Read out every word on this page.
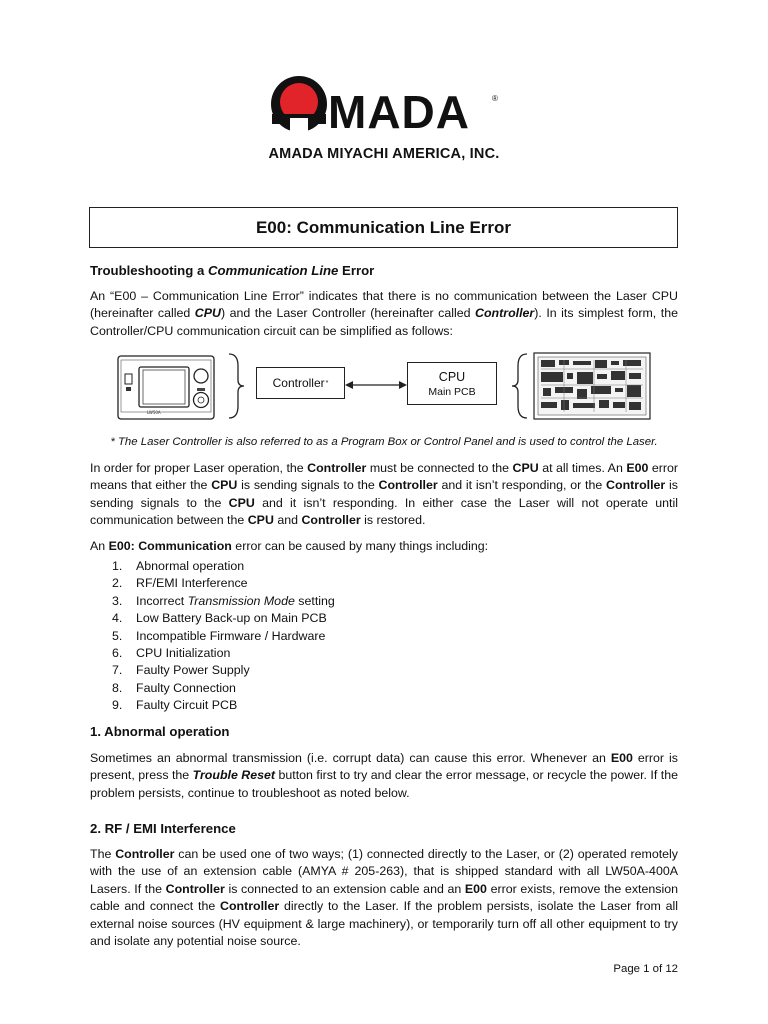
MADA	®
AMADA MIYACHI AMERICA, INC.
E00: Communication Line Error
Troubleshooting a Communication Line Error
An “E00 – Communication Line Error” indicates that there is no communication between the Laser CPU (hereinafter called CPU) and the Laser Controller (hereinafter called Controller). In its simplest form, the Controller/CPU communication circuit can be simplified as follows:
LW50A
Controller *	CPU
Main PCB
* The Laser Controller is also referred to as a Program Box or Control Panel and is used to control the Laser.
In order for proper Laser operation, the Controller must be connected to the CPU at all times. An E00 error means that either the CPU is sending signals to the Controller and it isn’t responding, or the Controller is sending signals to the CPU and it isn’t responding. In either case the Laser will not operate until communication between the CPU and Controller is restored.
An E00: Communication error can be caused by many things including:
1. Abnormal operation
2. RF/EMI Interference
3. Incorrect Transmission Mode setting
4. Low Battery Back-up on Main PCB
5. Incompatible Firmware / Hardware
6. CPU Initialization
7. Faulty Power Supply
8. Faulty Connection
9. Faulty Circuit PCB
1. Abnormal operation
Sometimes an abnormal transmission (i.e. corrupt data) can cause this error. Whenever an E00 error is present, press the Trouble Reset button first to try and clear the error message, or recycle the power. If the problem persists, continue to troubleshoot as noted below.
2. RF / EMI Interference
The Controller can be used one of two ways; (1) connected directly to the Laser, or (2) operated remotely with the use of an extension cable (AMYA # 205-263), that is shipped standard with all LW50A-400A Lasers. If the Controller is connected to an extension cable and an E00 error exists, remove the extension cable and connect the Controller directly to the Laser. If the problem persists, isolate the Laser from all external noise sources (HV equipment & large machinery), or temporarily turn off all other equipment to try and isolate any potential noise source.
Page 1 of 12
